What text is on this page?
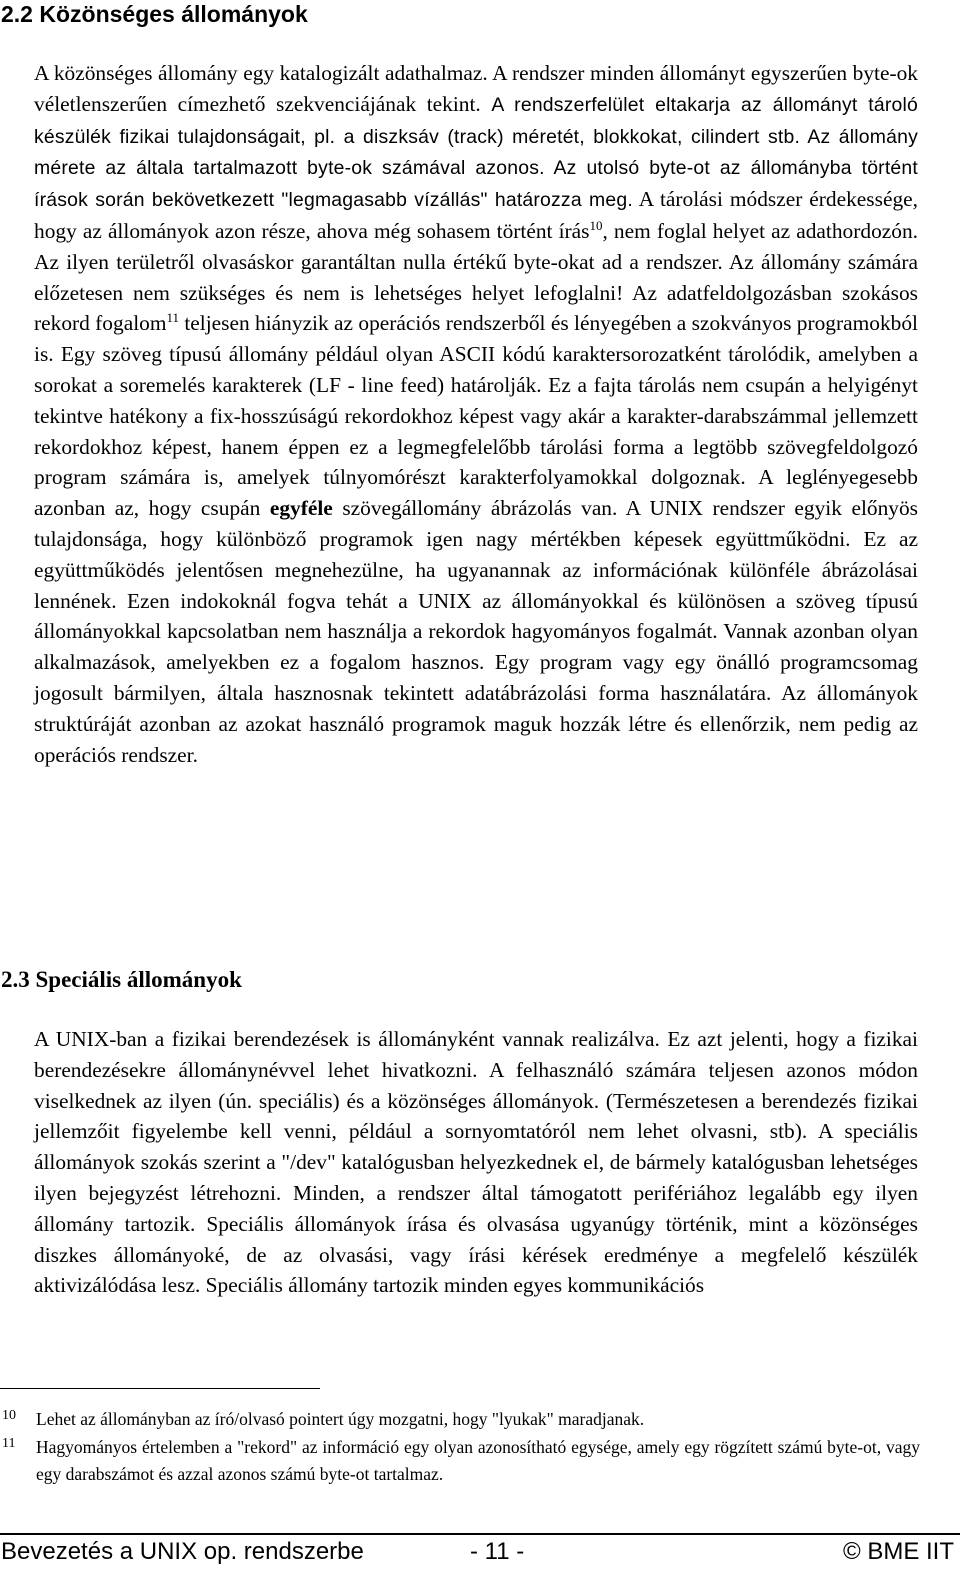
2.2 Közönséges állományok

A közönséges állomány egy katalogizált adathalmaz. A rendszer minden állományt egyszerűen byte-ok véletlenszerűen címezhető szekvenciájának tekint. A rendszerfelület eltakarja az állományt tároló készülék fizikai tulajdonságait, pl. a diszksáv (track) méretét, blokkokat, cilindert stb. Az állomány mérete az általa tartalmazott byte-ok számával azonos. Az utolsó byte-ot az állományba történt írások során bekövetkezett "legmagasabb vízállás" határozza meg. A tárolási módszer érdekessége, hogy az állományok azon része, ahova még sohasem történt írás$^{10}$, nem foglal helyet az adathordozón. Az ilyen területről olvasáskor garantáltan nulla értékű byte-okat ad a rendszer. Az állomány számára előzetesen nem szükséges és nem is lehetséges helyet lefoglalni! Az adatfeldolgozásban szokásos rekord fogalom$^{11}$ teljesen hiányzik az operációs rendszerből és lényegében a szokványos programokból is. Egy szöveg típusú állomány például olyan ASCII kódú karaktersorozatként tárolódik, amelyben a sorokat a soremelés karakterek (LF - line feed) határolják. Ez a fajta tárolás nem csupán a helyigényt tekintve hatékony a fix-hosszúságú rekordokhoz képest vagy akár a karakter-darabszámmal jellemzett rekordokhoz képest, hanem éppen ez a legmegfelelőbb tárolási forma a legtöbb szövegfeldolgozó program számára is, amelyek túlnyomórészt karakterfolyamokkal dolgoznak. A leglényegesebb azonban az, hogy csupán egyféle szövegállomány ábrázolás van. A UNIX rendszer egyik előnyös tulajdonsága, hogy különböző programok igen nagy mértékben képesek együttműködni. Ez az együttműködés jelentősen megnehezülne, ha ugyanannak az információnak különféle ábrázolásai lennének. Ezen indokoknál fogva tehát a UNIX az állományokkal és különösen a szöveg típusú állományokkal kapcsolatban nem használja a rekordok hagyományos fogalmát. Vannak azonban olyan alkalmazások, amelyekben ez a fogalom hasznos. Egy program vagy egy önálló programcsomag jogosult bármilyen, általa hasznosnak tekintett adatábrázolási forma használatára. Az állományok struktúráját azonban az azokat használó programok maguk hozzák létre és ellenőrzik, nem pedig az operációs rendszer.

2.3 Speciális állományok

A UNIX-ban a fizikai berendezések is állományként vannak realizálva. Ez azt jelenti, hogy a fizikai berendezésekre állománynévvel lehet hivatkozni. A felhasználó számára teljesen azonos módon viselkednek az ilyen (ún. speciális) és a közönséges állományok. (Természetesen a berendezés fizikai jellemzőit figyelembe kell venni, például a sornyomtatóról nem lehet olvasni, stb). A speciális állományok szokás szerint a "/dev" katalógusban helyezkednek el, de bármely katalógusban lehetséges ilyen bejegyzést létrehozni. Minden, a rendszer által támogatott perifériához legalább egy ilyen állomány tartozik. Speciális állományok írása és olvasása ugyanúgy történik, mint a közönséges diszkes állományoké, de az olvasási, vagy írási kérések eredménye a megfelelő készülék aktivizálódása lesz. Speciális állomány tartozik minden egyes kommunikációs

10 Lehet az állományban az író/olvasó pointert úgy mozgatni, hogy "lyukak" maradjanak.
11 Hagyományos értelemben a "rekord" az információ egy olyan azonosítható egysége, amely egy rögzített számú byte-ot, vagy egy darabszámot és azzal azonos számú byte-ot tartalmaz.
Bevezetés a UNIX op. rendszerbe	- 11 -	© BME IIT
